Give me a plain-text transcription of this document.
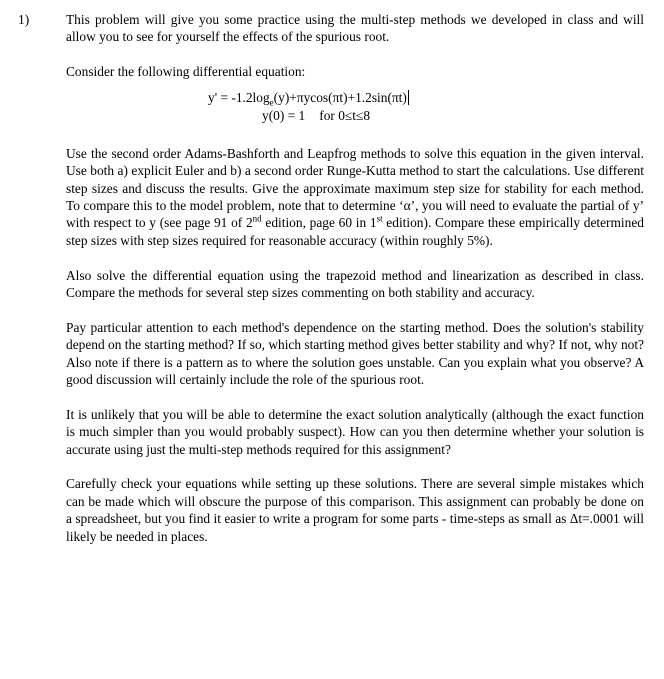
1)	This problem will give you some practice using the multi-step methods we developed in class and will allow you to see for yourself the effects of the spurious root.

Consider the following differential equation:

$y' = -1.2\log_e(y)+\pi ycos(\pi t)+1.2\sin(\pi t)$
y(0) = 1 for 0≤t≤8

Use the second order Adams-Bashforth and Leapfrog methods to solve this equation in the given interval. Use both a) explicit Euler and b) a second order Runge-Kutta method to start the calculations. Use different step sizes and discuss the results. Give the approximate maximum step size for stability for each method. To compare this to the model problem, note that to determine ‘α’, you will need to evaluate the partial of y’ with respect to y (see page 91 of 2nd edition, page 60 in 1st edition). Compare these empirically determined step sizes with step sizes required for reasonable accuracy (within roughly 5%).

Also solve the differential equation using the trapezoid method and linearization as described in class. Compare the methods for several step sizes commenting on both stability and accuracy.

Pay particular attention to each method's dependence on the starting method. Does the solution's stability depend on the starting method? If so, which starting method gives better stability and why? If not, why not? Also note if there is a pattern as to where the solution goes unstable. Can you explain what you observe? A good discussion will certainly include the role of the spurious root.

It is unlikely that you will be able to determine the exact solution analytically (although the exact function is much simpler than you would probably suspect). How can you then determine whether your solution is accurate using just the multi-step methods required for this assignment?

Carefully check your equations while setting up these solutions. There are several simple mistakes which can be made which will obscure the purpose of this comparison. This assignment can probably be done on a spreadsheet, but you find it easier to write a program for some parts - time-steps as small as Δt=.0001 will likely be needed in places.
